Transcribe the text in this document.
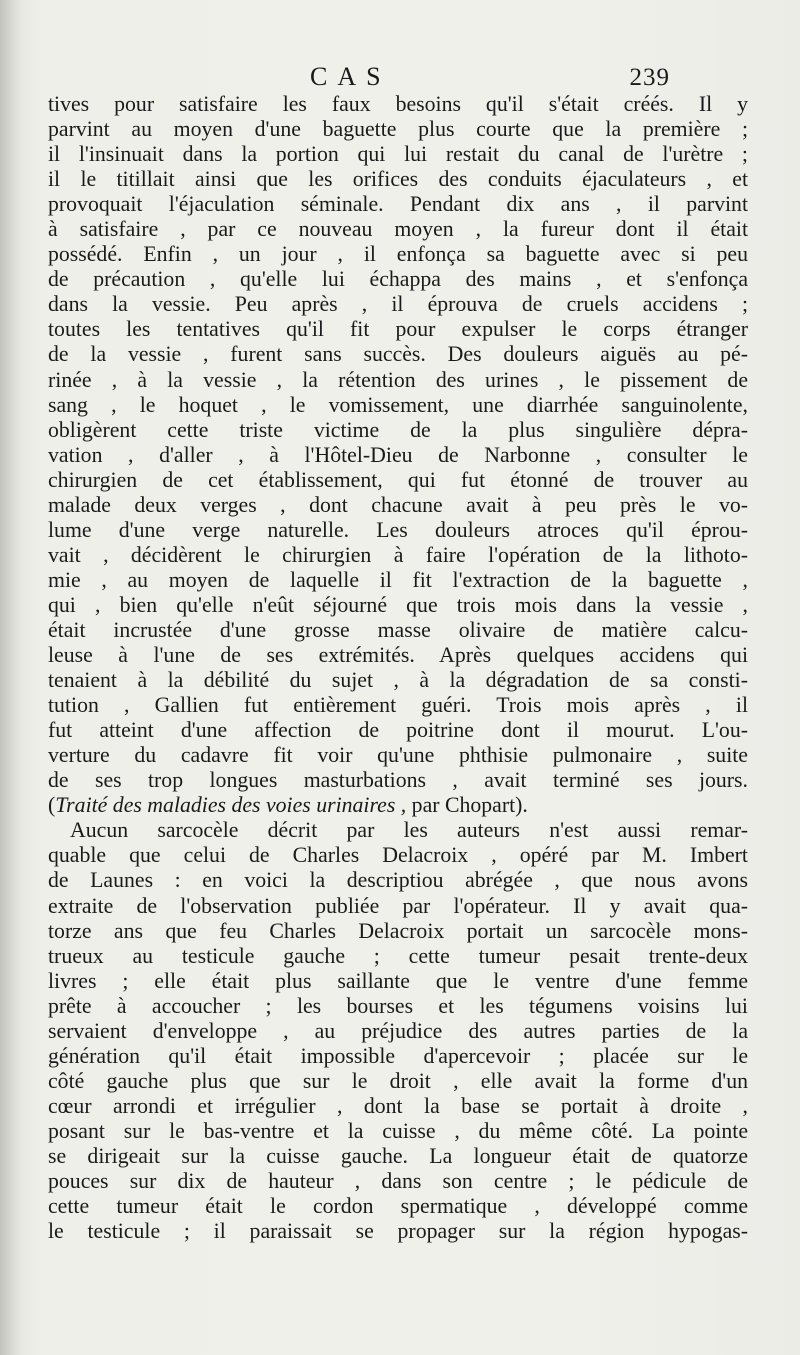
CAS	239
tives pour satisfaire les faux besoins qu'il s'était créés. Il y
parvint au moyen d'une baguette plus courte que la première ;
il l'insinuait dans la portion qui lui restait du canal de l'urètre ;
il le titillait ainsi que les orifices des conduits éjaculateurs , et
provoquait l'éjaculation séminale. Pendant dix ans , il parvint
à satisfaire , par ce nouveau moyen , la fureur dont il était
possédé. Enfin , un jour , il enfonça sa baguette avec si peu
de précaution , qu'elle lui échappa des mains , et s'enfonça
dans la vessie. Peu après , il éprouva de cruels accidens ;
toutes les tentatives qu'il fit pour expulser le corps étranger
de la vessie , furent sans succès. Des douleurs aiguës au pé-
rinée , à la vessie , la rétention des urines , le pissement de
sang , le hoquet , le vomissement, une diarrhée sanguinolente,
obligèrent cette triste victime de la plus singulière dépra-
vation , d'aller , à l'Hôtel-Dieu de Narbonne , consulter le
chirurgien de cet établissement, qui fut étonné de trouver au
malade deux verges , dont chacune avait à peu près le vo-
lume d'une verge naturelle. Les douleurs atroces qu'il éprou-
vait , décidèrent le chirurgien à faire l'opération de la lithoto-
mie , au moyen de laquelle il fit l'extraction de la baguette ,
qui , bien qu'elle n'eût séjourné que trois mois dans la vessie ,
était incrustée d'une grosse masse olivaire de matière calcu-
leuse à l'une de ses extrémités. Après quelques accidens qui
tenaient à la débilité du sujet , à la dégradation de sa consti-
tution , Gallien fut entièrement guéri. Trois mois après , il
fut atteint d'une affection de poitrine dont il mourut. L'ou-
verture du cadavre fit voir qu'une phthisie pulmonaire , suite
de ses trop longues masturbations , avait terminé ses jours.
(Traité des maladies des voies urinaires , par Chopart).
Aucun sarcocèle décrit par les auteurs n'est aussi remar-
quable que celui de Charles Delacroix , opéré par M. Imbert
de Launes : en voici la descriptiou abrégée , que nous avons
extraite de l'observation publiée par l'opérateur. Il y avait qua-
torze ans que feu Charles Delacroix portait un sarcocèle mons-
trueux au testicule gauche ; cette tumeur pesait trente-deux
livres ; elle était plus saillante que le ventre d'une femme
prête à accoucher ; les bourses et les tégumens voisins lui
servaient d'enveloppe , au préjudice des autres parties de la
génération qu'il était impossible d'apercevoir ; placée sur le
côté gauche plus que sur le droit , elle avait la forme d'un
cœur arrondi et irrégulier , dont la base se portait à droite ,
posant sur le bas-ventre et la cuisse , du même côté. La pointe
se dirigeait sur la cuisse gauche. La longueur était de quatorze
pouces sur dix de hauteur , dans son centre ; le pédicule de
cette tumeur était le cordon spermatique , développé comme
le testicule ; il paraissait se propager sur la région hypogas-
